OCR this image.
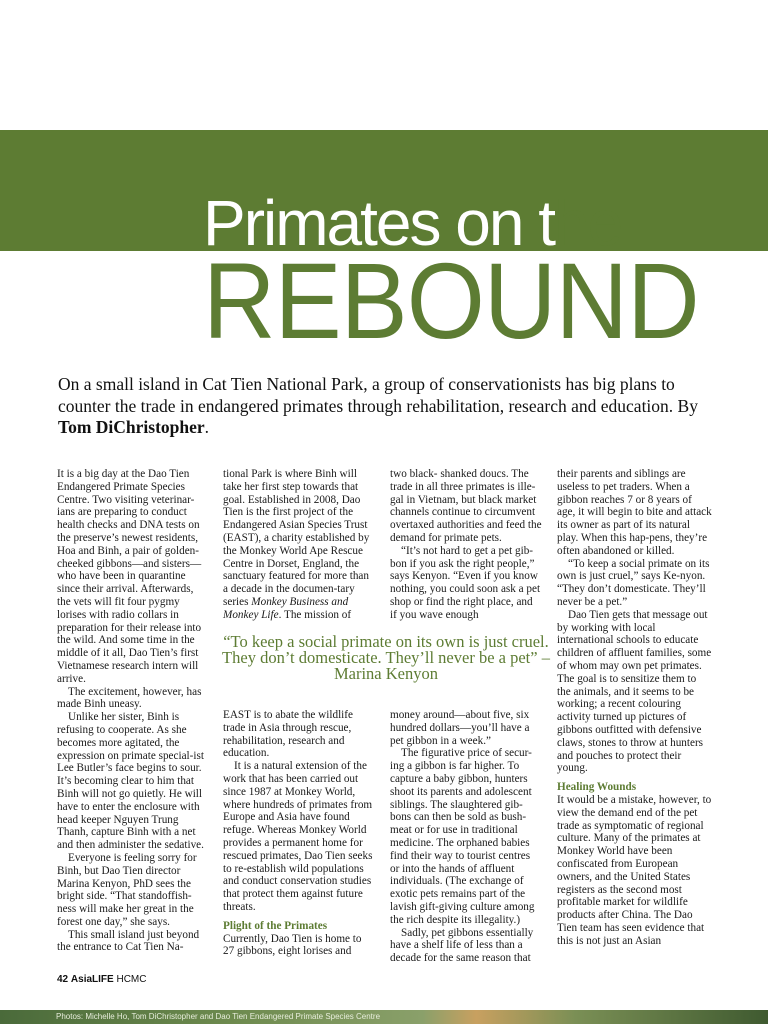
Primates on the
REBOUND
On a small island in Cat Tien National Park, a group of conservationists has big plans to counter the trade in endangered primates through rehabilitation, research and education. By Tom DiChristopher.

It is a big day at the Dao Tien Endangered Primate Species Centre. Two visiting veterinar-ians are preparing to conduct health checks and DNA tests on the preserve’s newest residents, Hoa and Binh, a pair of golden-cheeked gibbons—and sisters—who have been in quarantine since their arrival. Afterwards, the vets will fit four pygmy lorises with radio collars in preparation for their release into the wild. And some time in the middle of it all, Dao Tien’s first Vietnamese research intern will arrive.

The excitement, however, has made Binh uneasy.

Unlike her sister, Binh is refusing to cooperate. As she becomes more agitated, the expression on primate special-ist Lee Butler’s face begins to sour. It’s becoming clear to him that Binh will not go quietly. He will have to enter the enclosure with head keeper Nguyen Trung Thanh, capture Binh with a net and then administer the sedative.

Everyone is feeling sorry for Binh, but Dao Tien director Marina Kenyon, PhD sees the bright side. “That standoffish-ness will make her great in the forest one day,” she says.

This small island just beyond the entrance to Cat Tien Na-

tional Park is where Binh will take her first step towards that goal. Established in 2008, Dao Tien is the first project of the Endangered Asian Species Trust (EAST), a charity established by the Monkey World Ape Rescue Centre in Dorset, England, the sanctuary featured for more than a decade in the documen-tary series Monkey Business and Monkey Life. The mission of

two black- shanked doucs. The trade in all three primates is ille-gal in Vietnam, but black market channels continue to circumvent overtaxed authorities and feed the demand for primate pets.

“It’s not hard to get a pet gib-bon if you ask the right people,” says Kenyon. “Even if you know nothing, you could soon ask a pet shop or find the right place, and if you wave enough

“To keep a social primate on its own is just cruel. They don’t domesticate. They’ll never be a pet” – Marina Kenyon

EAST is to abate the wildlife trade in Asia through rescue, rehabilitation, research and education.

It is a natural extension of the work that has been carried out since 1987 at Monkey World, where hundreds of primates from Europe and Asia have found refuge. Whereas Monkey World provides a permanent home for rescued primates, Dao Tien seeks to re-establish wild populations and conduct conservation studies that protect them against future threats.

Plight of the Primates

Currently, Dao Tien is home to 27 gibbons, eight lorises and

money around—about five, six hundred dollars—you’ll have a pet gibbon in a week.”

The figurative price of secur-ing a gibbon is far higher. To capture a baby gibbon, hunters shoot its parents and adolescent siblings. The slaughtered gib-bons can then be sold as bush-meat or for use in traditional medicine. The orphaned babies find their way to tourist centres or into the hands of affluent individuals. (The exchange of exotic pets remains part of the lavish gift-giving culture among the rich despite its illegality.)

Sadly, pet gibbons essentially have a shelf life of less than a decade for the same reason that

their parents and siblings are useless to pet traders. When a gibbon reaches 7 or 8 years of age, it will begin to bite and attack its owner as part of its natural play. When this hap-pens, they’re often abandoned or killed.

“To keep a social primate on its own is just cruel,” says Ke-nyon. “They don’t domesticate. They’ll never be a pet.”

Dao Tien gets that message out by working with local international schools to educate children of affluent families, some of whom may own pet primates. The goal is to sensitize them to the animals, and it seems to be working; a recent colouring activity turned up pictures of gibbons outfitted with defensive claws, stones to throw at hunters and pouches to protect their young.

Healing Wounds

It would be a mistake, however, to view the demand end of the pet trade as symptomatic of regional culture. Many of the primates at Monkey World have been confiscated from European owners, and the United States registers as the second most profitable market for wildlife products after China. The Dao Tien team has seen evidence that this is not just an Asian

42 AsiaLIFE HCMC
Photos: Michelle Ho, Tom DiChristopher and Dao Tien Endangered Primate Species Centre
